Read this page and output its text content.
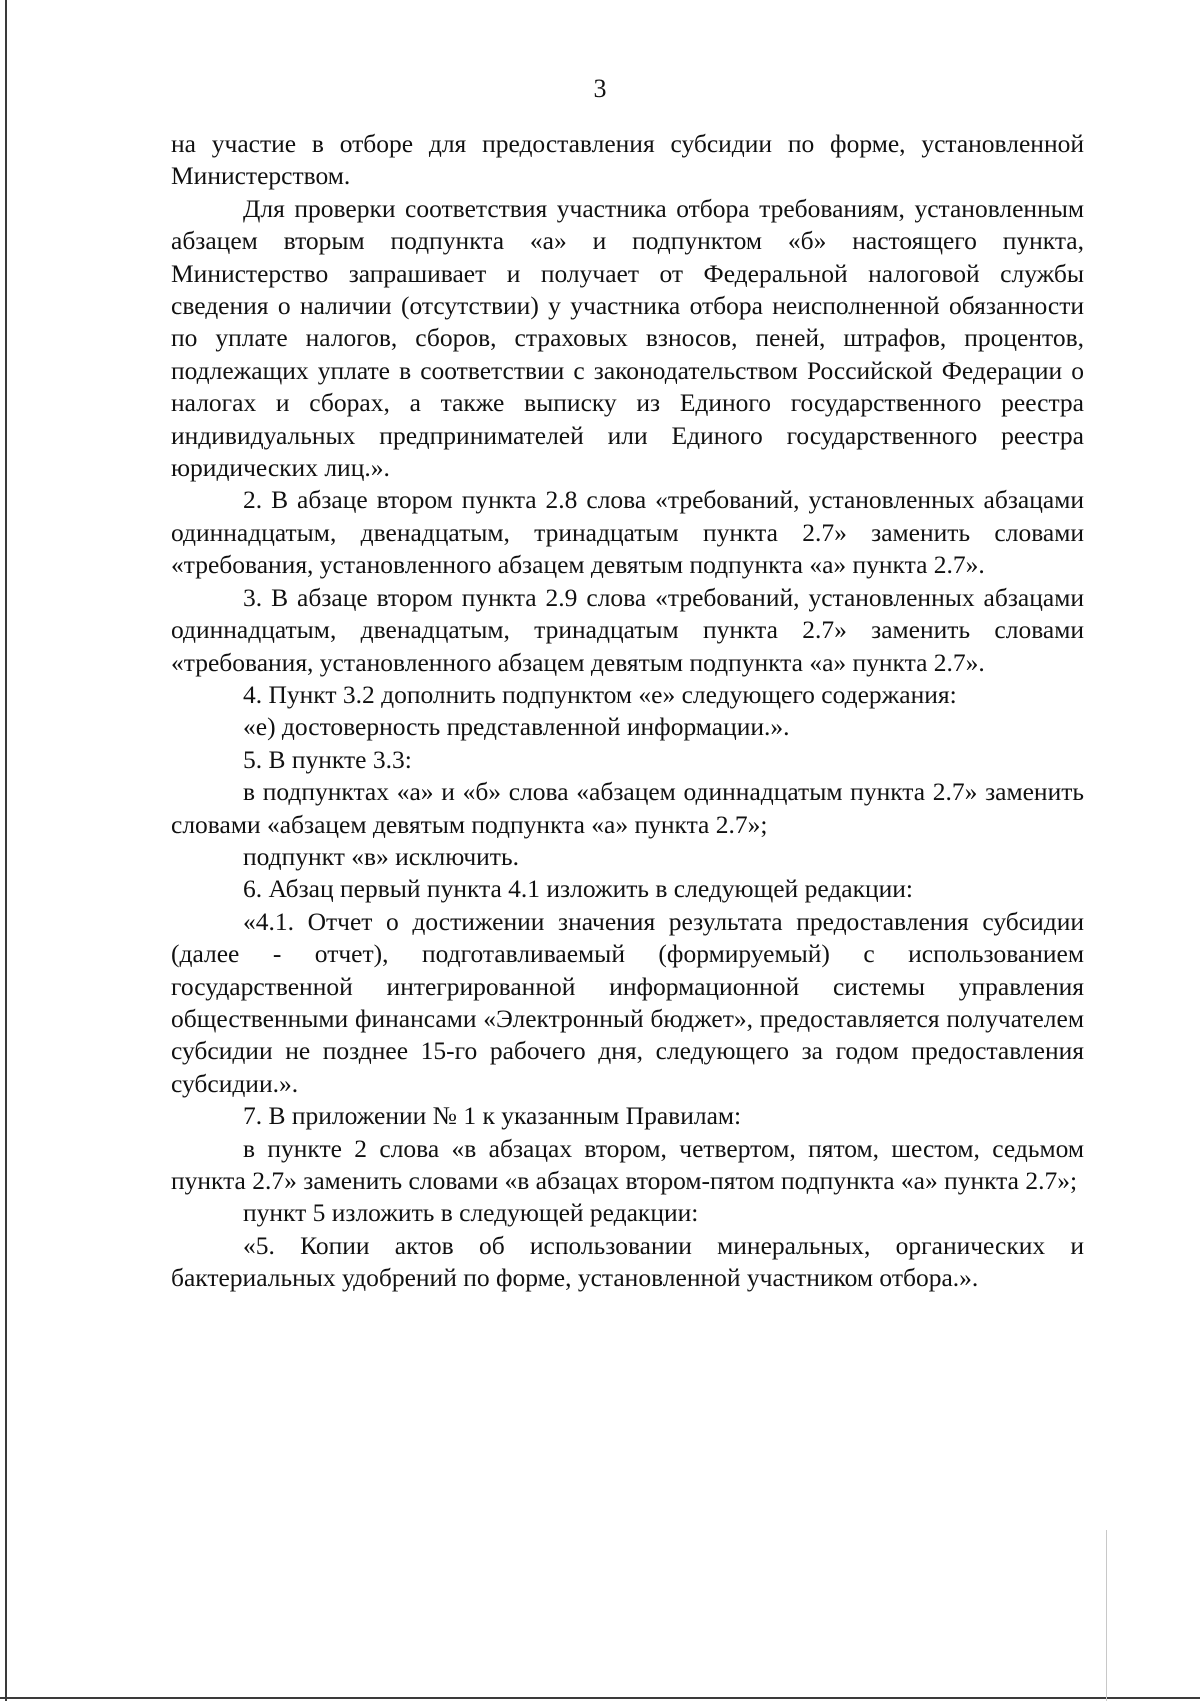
3

на участие в отборе для предоставления субсидии по форме, установленной Министерством.

Для проверки соответствия участника отбора требованиям, установленным абзацем вторым подпункта «а» и подпунктом «б» настоящего пункта, Министерство запрашивает и получает от Федеральной налоговой службы сведения о наличии (отсутствии) у участника отбора неисполненной обязанности по уплате налогов, сборов, страховых взносов, пеней, штрафов, процентов, подлежащих уплате в соответствии с законодательством Российской Федерации о налогах и сборах, а также выписку из Единого государственного реестра индивидуальных предпринимателей или Единого государственного реестра юридических лиц.».

2. В абзаце втором пункта 2.8 слова «требований, установленных абзацами одиннадцатым, двенадцатым, тринадцатым пункта 2.7» заменить словами «требования, установленного абзацем девятым подпункта «а» пункта 2.7».

3. В абзаце втором пункта 2.9 слова «требований, установленных абзацами одиннадцатым, двенадцатым, тринадцатым пункта 2.7» заменить словами «требования, установленного абзацем девятым подпункта «а» пункта 2.7».

4. Пункт 3.2 дополнить подпунктом «е» следующего содержания:

«е) достоверность представленной информации.».

5. В пункте 3.3:

в подпунктах «а» и «б» слова «абзацем одиннадцатым пункта 2.7» заменить словами «абзацем девятым подпункта «а» пункта 2.7»;

подпункт «в» исключить.

6. Абзац первый пункта 4.1 изложить в следующей редакции:

«4.1. Отчет о достижении значения результата предоставления субсидии (далее - отчет), подготавливаемый (формируемый) с использованием государственной интегрированной информационной системы управления общественными финансами «Электронный бюджет», предоставляется получателем субсидии не позднее 15-го рабочего дня, следующего за годом предоставления субсидии.».

7. В приложении № 1 к указанным Правилам:

в пункте 2 слова «в абзацах втором, четвертом, пятом, шестом, седьмом пункта 2.7» заменить словами «в абзацах втором-пятом подпункта «а» пункта 2.7»;

пункт 5 изложить в следующей редакции:

«5. Копии актов об использовании минеральных, органических и бактериальных удобрений по форме, установленной участником отбора.».
